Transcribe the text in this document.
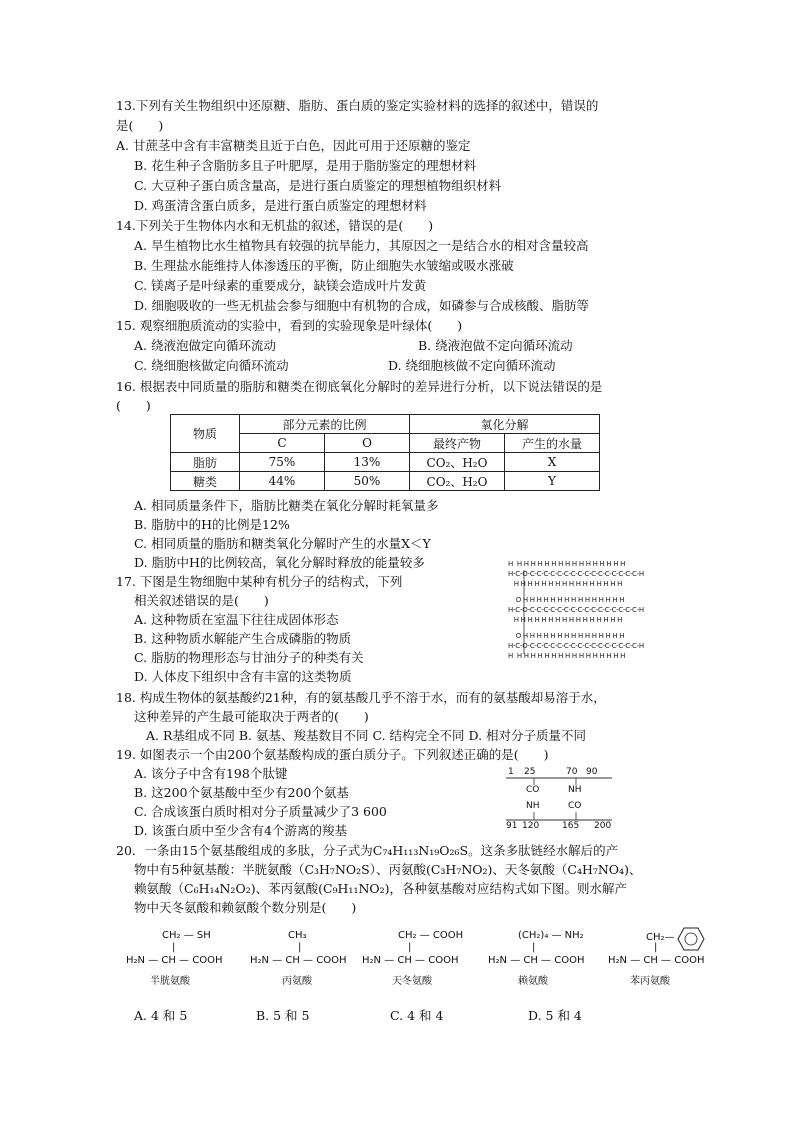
13.下列有关生物组织中还原糖、脂肪、蛋白质的鉴定实验材料的选择的叙述中，错误的
是(　　)
A. 甘蔗茎中含有丰富糖类且近于白色，因此可用于还原糖的鉴定
B. 花生种子含脂肪多且子叶肥厚，是用于脂肪鉴定的理想材料
C. 大豆种子蛋白质含量高，是进行蛋白质鉴定的理想植物组织材料
D. 鸡蛋清含蛋白质多，是进行蛋白质鉴定的理想材料
14.下列关于生物体内水和无机盐的叙述，错误的是(　　)
A. 旱生植物比水生植物具有较强的抗旱能力，其原因之一是结合水的相对含量较高
B. 生理盐水能维持人体渗透压的平衡，防止细胞失水皱缩或吸水涨破
C. 镁离子是叶绿素的重要成分，缺镁会造成叶片发黄
D. 细胞吸收的一些无机盐会参与细胞中有机物的合成，如磷参与合成核酸、脂肪等
15. 观察细胞质流动的实验中，看到的实验现象是叶绿体(　　)
A. 绕液泡做定向循环流动	B. 绕液泡做不定向循环流动
C. 绕细胞核做定向循环流动	D. 绕细胞核做不定向循环流动
16. 根据表中同质量的脂肪和糖类在彻底氧化分解时的差异进行分析，以下说法错误的是
(　　)
物质	部分元素的比例		氧化分解	
	C	O	最终产物	产生的水量
脂肪	75%	13%	CO₂、H₂O	X
糖类	44%	50%	CO₂、H₂O	Y
A. 相同质量条件下，脂肪比糖类在氧化分解时耗氧量多
B. 脂肪中的H的比例是12%
C. 相同质量的脂肪和糖类氧化分解时产生的水量X＜Y
D. 脂肪中H的比例较高，氧化分解时释放的能量较多
17. 下图是生物细胞中某种有机分子的结构式，下列
相关叙述错误的是(　　)
A. 这种物质在室温下往往成固体形态
B. 这种物质水解能产生合成磷脂的物质
C. 脂肪的物理形态与甘油分子的种类有关
D. 人体皮下组织中含有丰富的这类物质
H  H H H H H H H H H H H H H H H H
H-C-O-C-C-C-C-C-C-C-C-C-C-C-C-C-C-C-C-H
H H H H H H H H H H H H H H H H
O H H H H H H H H H H H H H H H
H-C-O-C-C-C-C-C-C-C-C-C-C-C-C-C-C-C-C-H
H H H H H H H H H H H H H H H H
O H H H H H H H H H H H H H H H
H-C-O-C-C-C-C-C-C-C-C-C-C-C-C-C-C-C-C-H
H  H H H H H H H H H H H H H H H H
18. 构成生物体的氨基酸约21种，有的氨基酸几乎不溶于水，而有的氨基酸却易溶于水，
这种差异的产生最可能取决于两者的(　　)
A. R基组成不同 B. 氨基、羧基数目不同 C. 结构完全不同 D. 相对分子质量不同
19. 如图表示一个由200个氨基酸构成的蛋白质分子。下列叙述正确的是(　　)
A. 该分子中含有198个肽键
B. 这200个氨基酸中至少有200个氨基
C. 合成该蛋白质时相对分子质量减少了3 600
D. 该蛋白质中至少含有4个游离的羧基
1 25	70 90
CO	NH
NH	CO
91 120	165 200
20．一条由15个氨基酸组成的多肽，分子式为C₇₄H₁₁₃N₁₉O₂₆S。这条多肽链经水解后的产
物中有5种氨基酸：半胱氨酸（C₃H₇NO₂S）、丙氨酸(C₃H₇NO₂)、天冬氨酸（C₄H₇NO₄)、
赖氨酸（C₆H₁₄N₂O₂)、苯丙氨酸(C₉H₁₁NO₂)，各种氨基酸对应结构式如下图。则水解产
物中天冬氨酸和赖氨酸个数分别是(　　)
CH₂ — SH
|
H₂N — CH — COOH
半胱氨酸
CH₃
|
H₂N — CH — COOH
丙氨酸
CH₂ — COOH
|
H₂N — CH — COOH
天冬氨酸
(CH₂)₄ — NH₂
|
H₂N — CH — COOH
赖氨酸
CH₂—
|
H₂N — CH — COOH
苯丙氨酸
A. 4 和 5	B. 5 和 5	C. 4 和 4	D. 5 和 4
